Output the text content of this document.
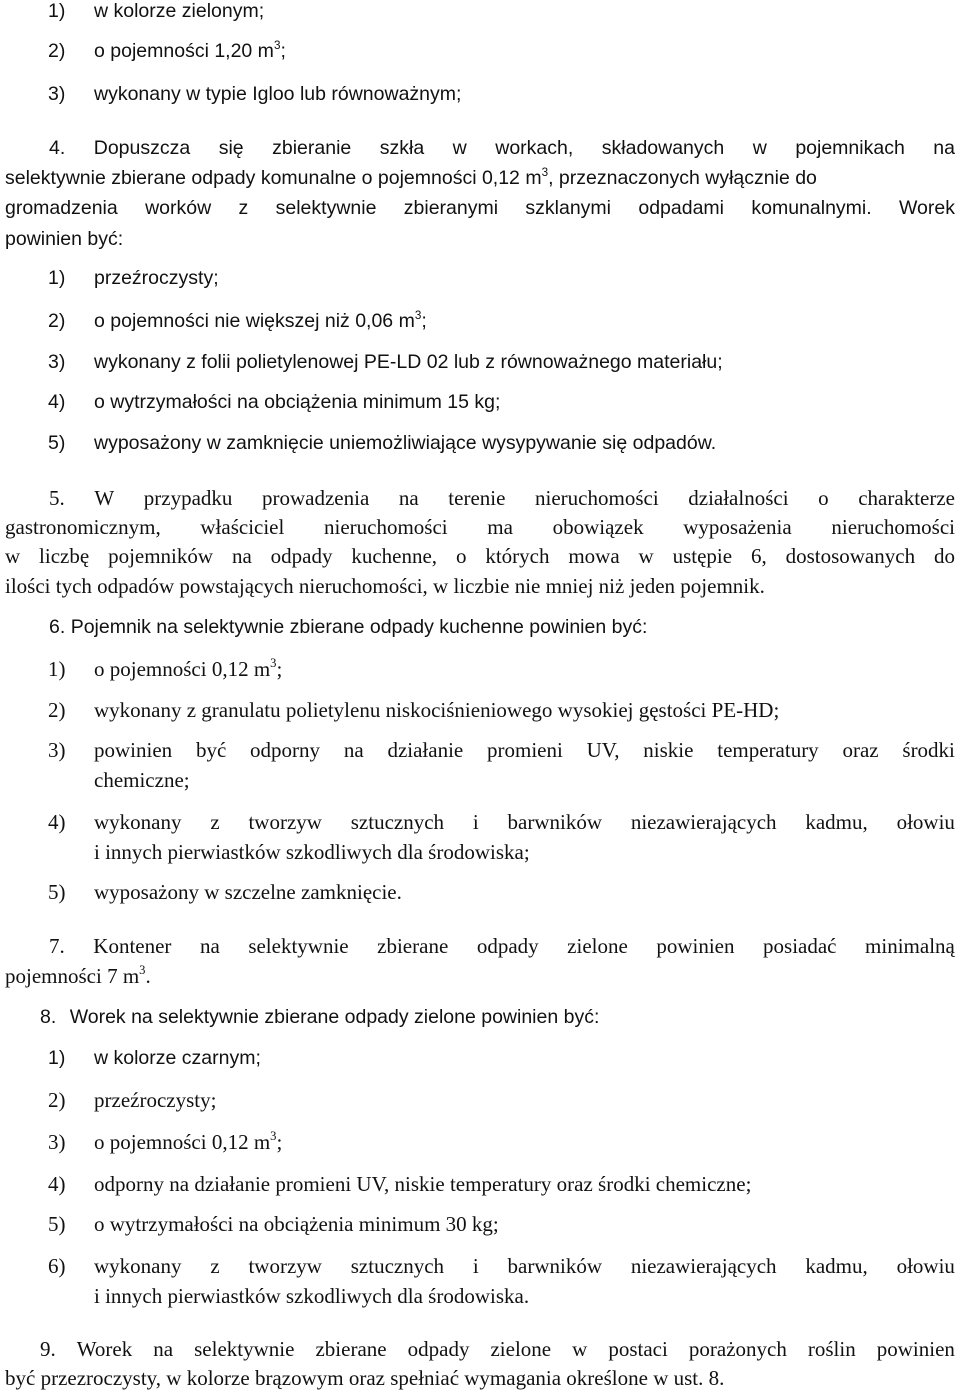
1) w kolorze zielonym;
2) o pojemności 1,20 $m^3$;
3) wykonany w typie Igloo lub równoważnym;
4. Dopuszcza się zbieranie szkła w workach, składowanych w pojemnikach na
selektywnie zbierane odpady komunalne o pojemności 0,12 $m^3$, przeznaczonych wyłącznie do
gromadzenia worków z selektywnie zbieranymi szklanymi odpadami komunalnymi. Worek
powinien być:
1) przeźroczysty;
2) o pojemności nie większej niż 0,06 $m^3$;
3) wykonany z folii polietylenowej PE-LD 02 lub z równoważnego materiału;
4) o wytrzymałości na obciążenia minimum 15 kg;
5) wyposażony w zamknięcie uniemożliwiające wysypywanie się odpadów.
5. W przypadku prowadzenia na terenie nieruchomości działalności o charakterze
gastronomicznym, właściciel nieruchomości ma obowiązek wyposażenia nieruchomości
w liczbę pojemników na odpady kuchenne, o których mowa w ustępie 6, dostosowanych do
ilości tych odpadów powstających nieruchomości, w liczbie nie mniej niż jeden pojemnik.
6. Pojemnik na selektywnie zbierane odpady kuchenne powinien być:
1) o pojemności 0,12 $m^3$;
2) wykonany z granulatu polietylenu niskociśnieniowego wysokiej gęstości PE-HD;
3) powinien być odporny na działanie promieni UV, niskie temperatury oraz środki
chemiczne;
4) wykonany z tworzyw sztucznych i barwników niezawierających kadmu, ołowiu
i innych pierwiastków szkodliwych dla środowiska;
5) wyposażony w szczelne zamknięcie.
7. Kontener na selektywnie zbierane odpady zielone powinien posiadać minimalną
pojemności 7 $m^3$.
8. Worek na selektywnie zbierane odpady zielone powinien być:
1) w kolorze czarnym;
2) przeźroczysty;
3) o pojemności 0,12 $m^3$;
4) odporny na działanie promieni UV, niskie temperatury oraz środki chemiczne;
5) o wytrzymałości na obciążenia minimum 30 kg;
6) wykonany z tworzyw sztucznych i barwników niezawierających kadmu, ołowiu
i innych pierwiastków szkodliwych dla środowiska.
9. Worek na selektywnie zbierane odpady zielone w postaci porażonych roślin powinien
być przezroczysty, w kolorze brązowym oraz spełniać wymagania określone w ust. 8.
